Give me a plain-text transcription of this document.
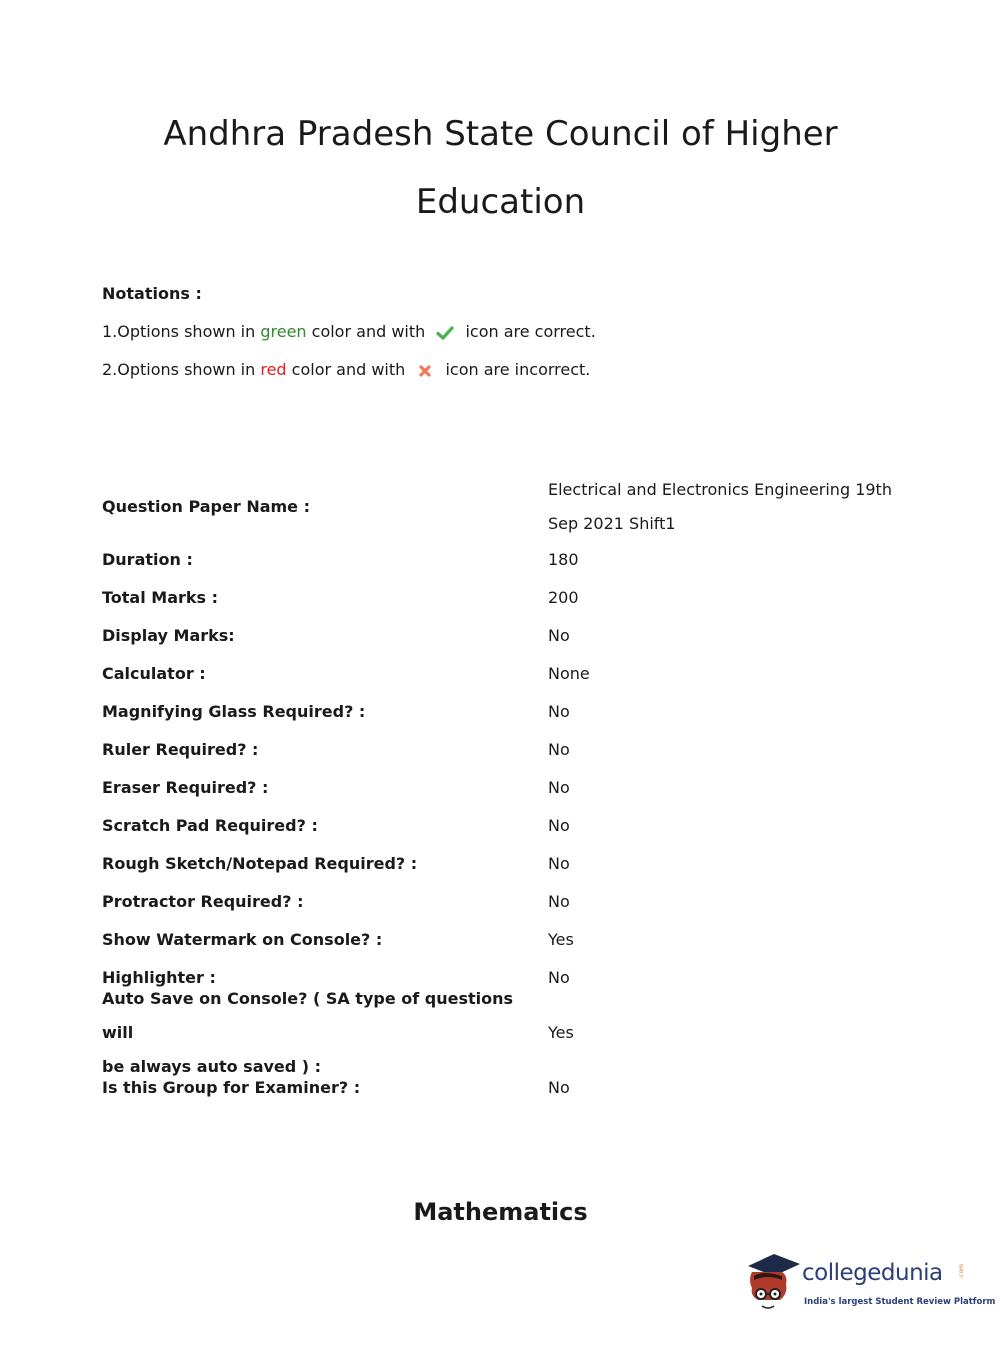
Andhra Pradesh State Council of Higher
Education
Notations :
1.Options shown in green color and with icon are correct.
2.Options shown in red color and with icon are incorrect.
Question Paper Name :
Electrical and Electronics Engineering 19th
Sep 2021 Shift1
Duration :	180
Total Marks :	200
Display Marks:	No
Calculator :	None
Magnifying Glass Required? :	No
Ruler Required? :	No
Eraser Required? :	No
Scratch Pad Required? :	No
Rough Sketch/Notepad Required? :	No
Protractor Required? :	No
Show Watermark on Console? :	Yes
Highlighter :	No
Auto Save on Console? ( SA type of questions will
be always auto saved ) :
Yes
Is this Group for Examiner? :	No
Mathematics
collegedunia
India's largest Student Review Platform
.com
